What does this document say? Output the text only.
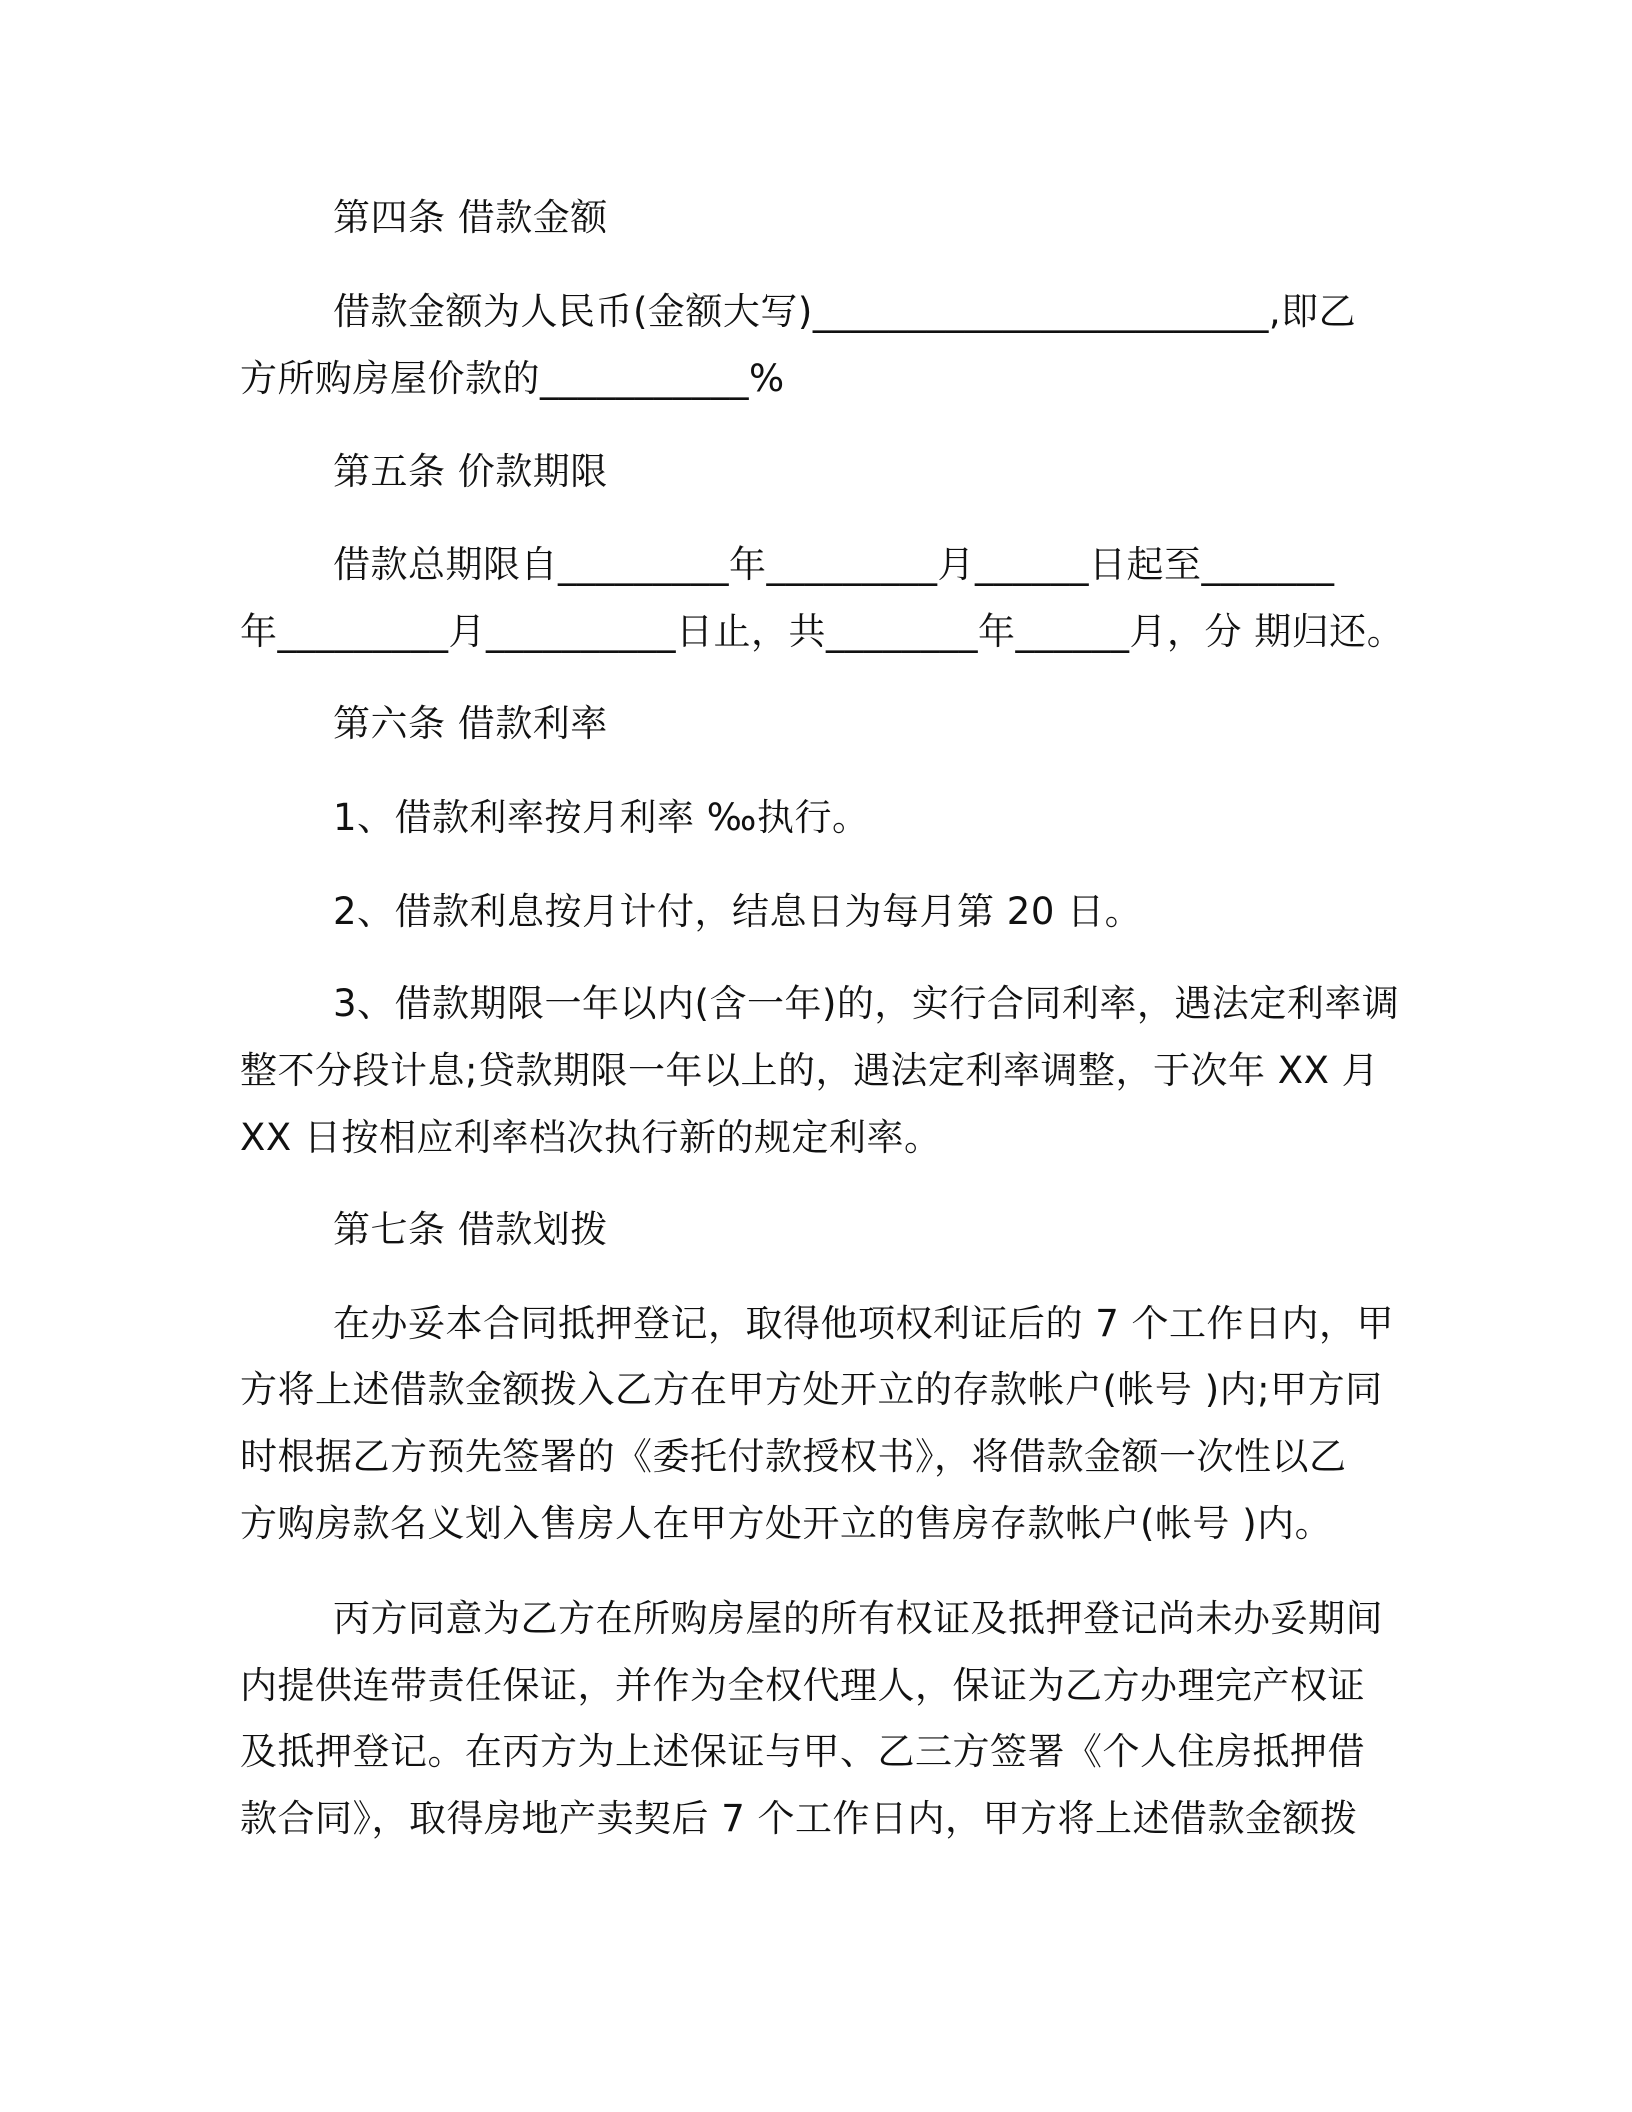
第四条 借款金额
借款金额为人民币(金额大写)________________________,即乙
方所购房屋价款的___________%
第五条 价款期限
借款总期限自_________年_________月______日起至_______
年_________月__________日止，共________年______月，分 期归还。
第六条 借款利率
1、借款利率按月利率 ‰执行。
2、借款利息按月计付，结息日为每月第 20 日。
3、借款期限一年以内(含一年)的，实行合同利率，遇法定利率调
整不分段计息;贷款期限一年以上的，遇法定利率调整，于次年 XX 月
XX 日按相应利率档次执行新的规定利率。
第七条 借款划拨
在办妥本合同抵押登记，取得他项权利证后的 7 个工作日内，甲
方将上述借款金额拨入乙方在甲方处开立的存款帐户(帐号 )内;甲方同
时根据乙方预先签署的《委托付款授权书》，将借款金额一次性以乙
方购房款名义划入售房人在甲方处开立的售房存款帐户(帐号 )内。
丙方同意为乙方在所购房屋的所有权证及抵押登记尚未办妥期间
内提供连带责任保证，并作为全权代理人，保证为乙方办理完产权证
及抵押登记。在丙方为上述保证与甲、乙三方签署《个人住房抵押借
款合同》，取得房地产卖契后 7 个工作日内，甲方将上述借款金额拨
